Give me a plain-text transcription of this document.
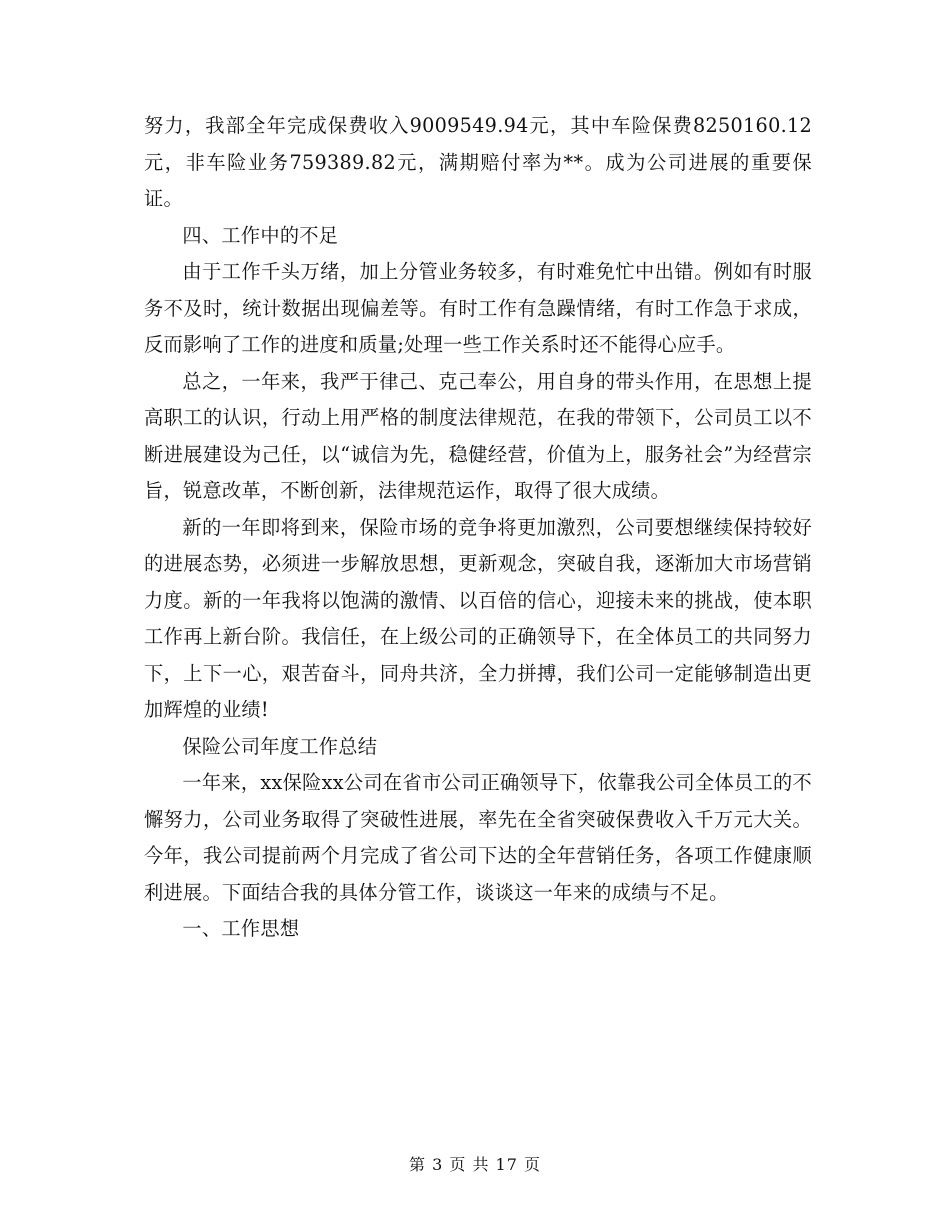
努力，我部全年完成保费收入9009549.94元，其中车险保费8250160.12元，非车险业务759389.82元，满期赔付率为**。成为公司进展的重要保证。

四、工作中的不足

由于工作千头万绪，加上分管业务较多，有时难免忙中出错。例如有时服务不及时，统计数据出现偏差等。有时工作有急躁情绪，有时工作急于求成，反而影响了工作的进度和质量;处理一些工作关系时还不能得心应手。

总之，一年来，我严于律己、克己奉公，用自身的带头作用，在思想上提高职工的认识，行动上用严格的制度法律规范，在我的带领下，公司员工以不断进展建设为己任，以“诚信为先，稳健经营，价值为上，服务社会”为经营宗旨，锐意改革，不断创新，法律规范运作，取得了很大成绩。

新的一年即将到来，保险市场的竞争将更加激烈，公司要想继续保持较好的进展态势，必须进一步解放思想，更新观念，突破自我，逐渐加大市场营销力度。新的一年我将以饱满的激情、以百倍的信心，迎接未来的挑战，使本职工作再上新台阶。我信任，在上级公司的正确领导下，在全体员工的共同努力下，上下一心，艰苦奋斗，同舟共济，全力拼搏，我们公司一定能够制造出更加辉煌的业绩!

保险公司年度工作总结

一年来，xx保险xx公司在省市公司正确领导下，依靠我公司全体员工的不懈努力，公司业务取得了突破性进展，率先在全省突破保费收入千万元大关。今年，我公司提前两个月完成了省公司下达的全年营销任务，各项工作健康顺利进展。下面结合我的具体分管工作，谈谈这一年来的成绩与不足。

一、工作思想

第 3 页 共 17 页
